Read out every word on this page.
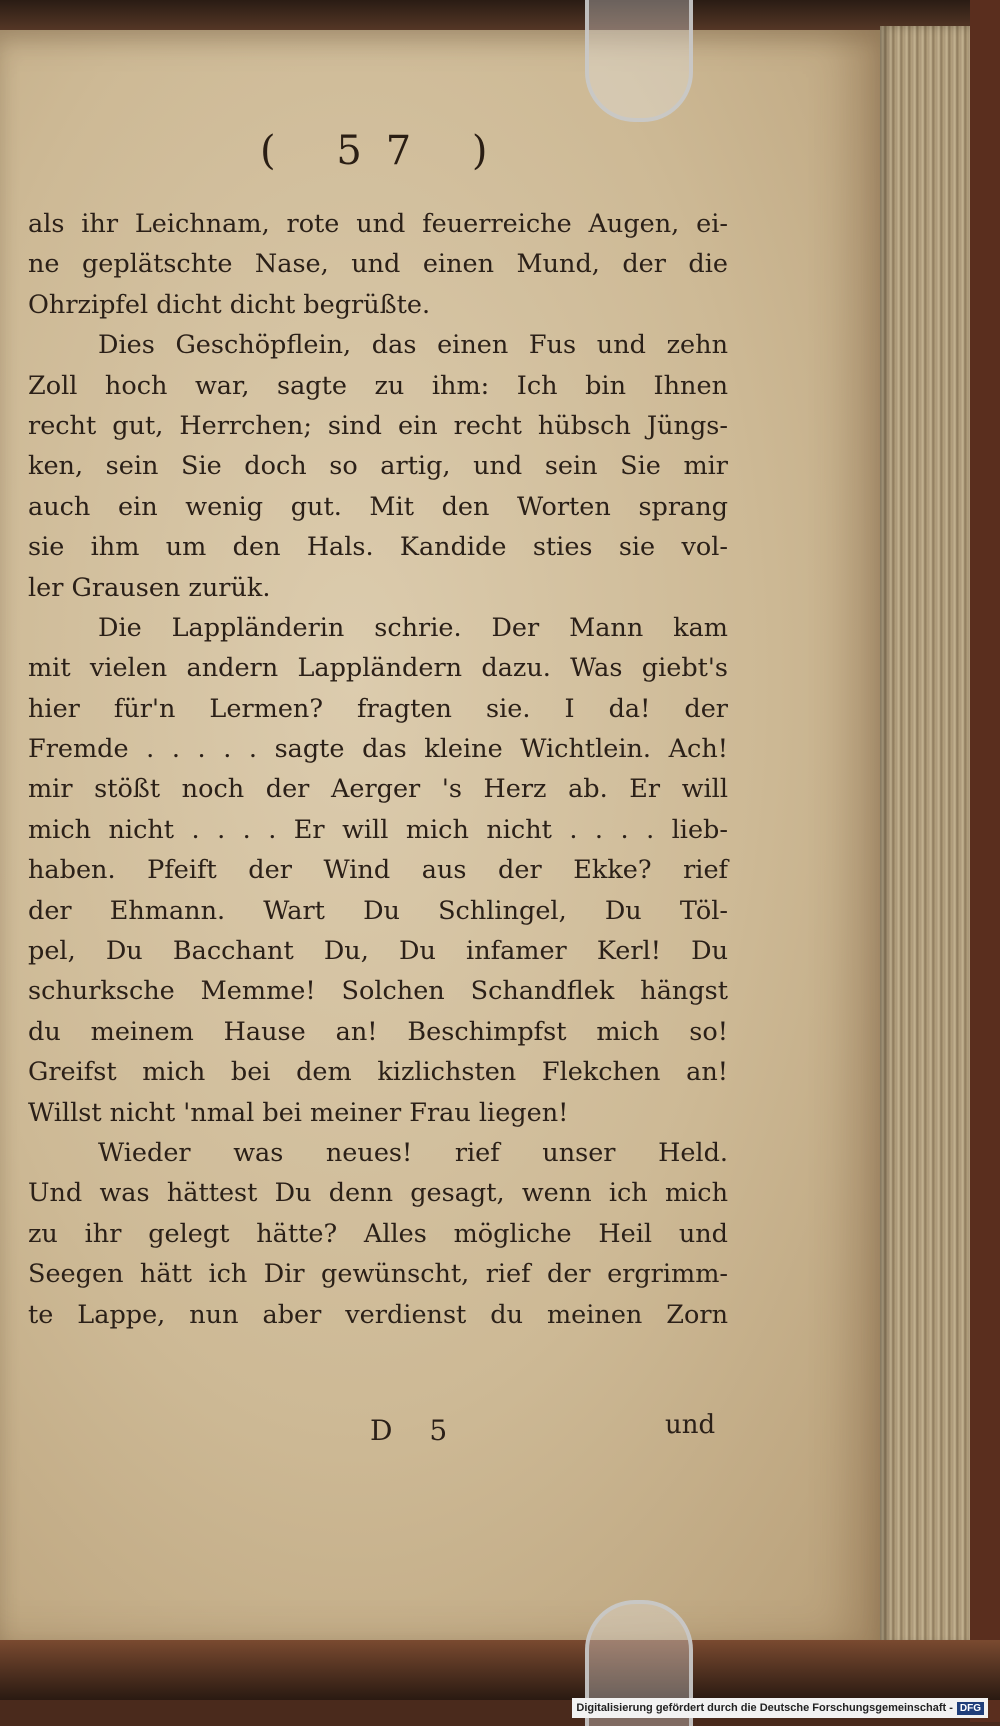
( 57 )
als ihr Leichnam, rote und feuerreiche Augen, ei-
ne geplätschte Nase, und einen Mund, der die
Ohrzipfel dicht dicht begrüßte.
Dies Geschöpflein, das einen Fus und zehn
Zoll hoch war, sagte zu ihm: Ich bin Ihnen
recht gut, Herrchen; sind ein recht hübsch Jüngs-
ken, sein Sie doch so artig, und sein Sie mir
auch ein wenig gut. Mit den Worten sprang
sie ihm um den Hals. Kandide sties sie vol-
ler Grausen zurük.
Die Lappländerin schrie. Der Mann kam
mit vielen andern Lappländern dazu. Was giebt's
hier für'n Lermen? fragten sie. I da! der
Fremde . . . . . sagte das kleine Wichtlein. Ach!
mir stößt noch der Aerger 's Herz ab. Er will
mich nicht . . . . Er will mich nicht . . . . lieb-
haben. Pfeift der Wind aus der Ekke? rief
der Ehmann. Wart Du Schlingel, Du Töl-
pel, Du Bacchant Du, Du infamer Kerl! Du
schurksche Memme! Solchen Schandflek hängst
du meinem Hause an! Beschimpfst mich so!
Greifst mich bei dem kizlichsten Flekchen an!
Willst nicht 'nmal bei meiner Frau liegen!
Wieder was neues! rief unser Held.
Und was hättest Du denn gesagt, wenn ich mich
zu ihr gelegt hätte? Alles mögliche Heil und
Seegen hätt ich Dir gewünscht, rief der ergrimm-
te Lappe, nun aber verdienst du meinen Zorn
D 5	und
Digitalisierung gefördert durch die Deutsche Forschungsgemeinschaft - DFG
